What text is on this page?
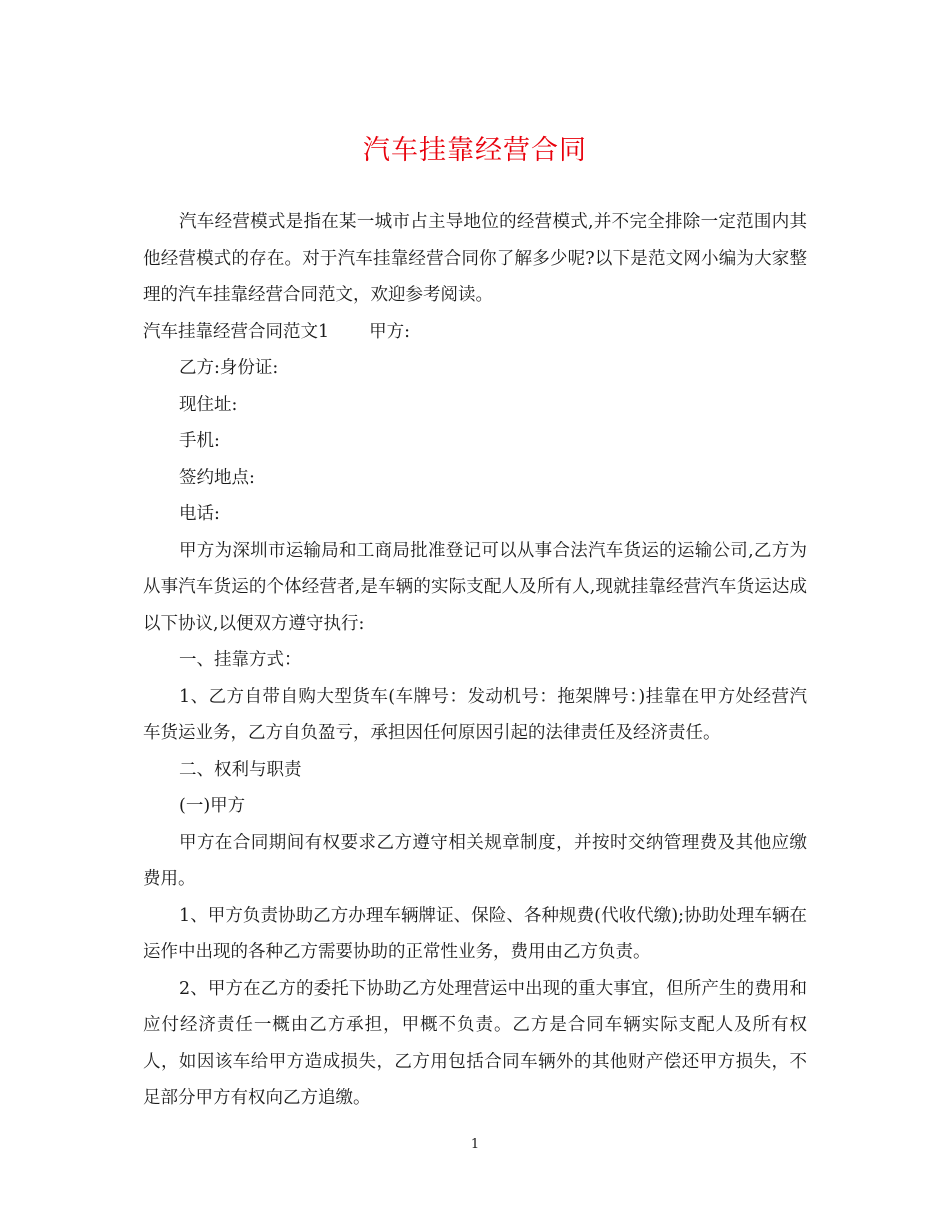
汽车挂靠经营合同

汽车经营模式是指在某一城市占主导地位的经营模式,并不完全排除一定范围内其他经营模式的存在。对于汽车挂靠经营合同你了解多少呢?以下是范文网小编为大家整理的汽车挂靠经营合同范文，欢迎参考阅读。

汽车挂靠经营合同范文1 甲方:

乙方:身份证:

现住址:

手机:

签约地点:

电话:

甲方为深圳市运输局和工商局批准登记可以从事合法汽车货运的运输公司,乙方为从事汽车货运的个体经营者,是车辆的实际支配人及所有人,现就挂靠经营汽车货运达成以下协议,以便双方遵守执行:

一、挂靠方式：

1、乙方自带自购大型货车(车牌号：发动机号：拖架牌号：)挂靠在甲方处经营汽车货运业务，乙方自负盈亏，承担因任何原因引起的法律责任及经济责任。

二、权利与职责

(一)甲方

甲方在合同期间有权要求乙方遵守相关规章制度，并按时交纳管理费及其他应缴费用。

1、甲方负责协助乙方办理车辆牌证、保险、各种规费(代收代缴);协助处理车辆在运作中出现的各种乙方需要协助的正常性业务，费用由乙方负责。

2、甲方在乙方的委托下协助乙方处理营运中出现的重大事宜，但所产生的费用和应付经济责任一概由乙方承担，甲概不负责。乙方是合同车辆实际支配人及所有权人，如因该车给甲方造成损失，乙方用包括合同车辆外的其他财产偿还甲方损失，不足部分甲方有权向乙方追缴。

1
